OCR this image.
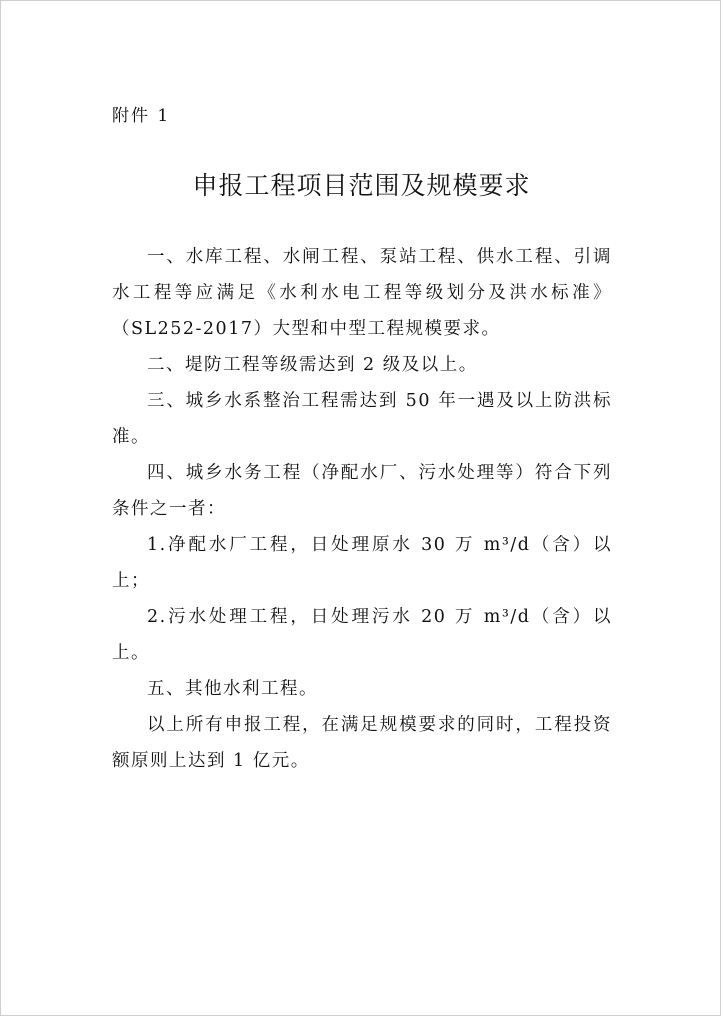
附件 1
申报工程项目范围及规模要求

一、水库工程、水闸工程、泵站工程、供水工程、引调水工程等应满足《水利水电工程等级划分及洪水标准》（SL252-2017）大型和中型工程规模要求。

二、堤防工程等级需达到 2 级及以上。

三、城乡水系整治工程需达到 50 年一遇及以上防洪标准。

四、城乡水务工程（净配水厂、污水处理等）符合下列条件之一者：

1.净配水厂工程，日处理原水 30 万 m³/d（含）以上；

2.污水处理工程，日处理污水 20 万 m³/d（含）以上。

五、其他水利工程。

以上所有申报工程，在满足规模要求的同时，工程投资额原则上达到 1 亿元。
